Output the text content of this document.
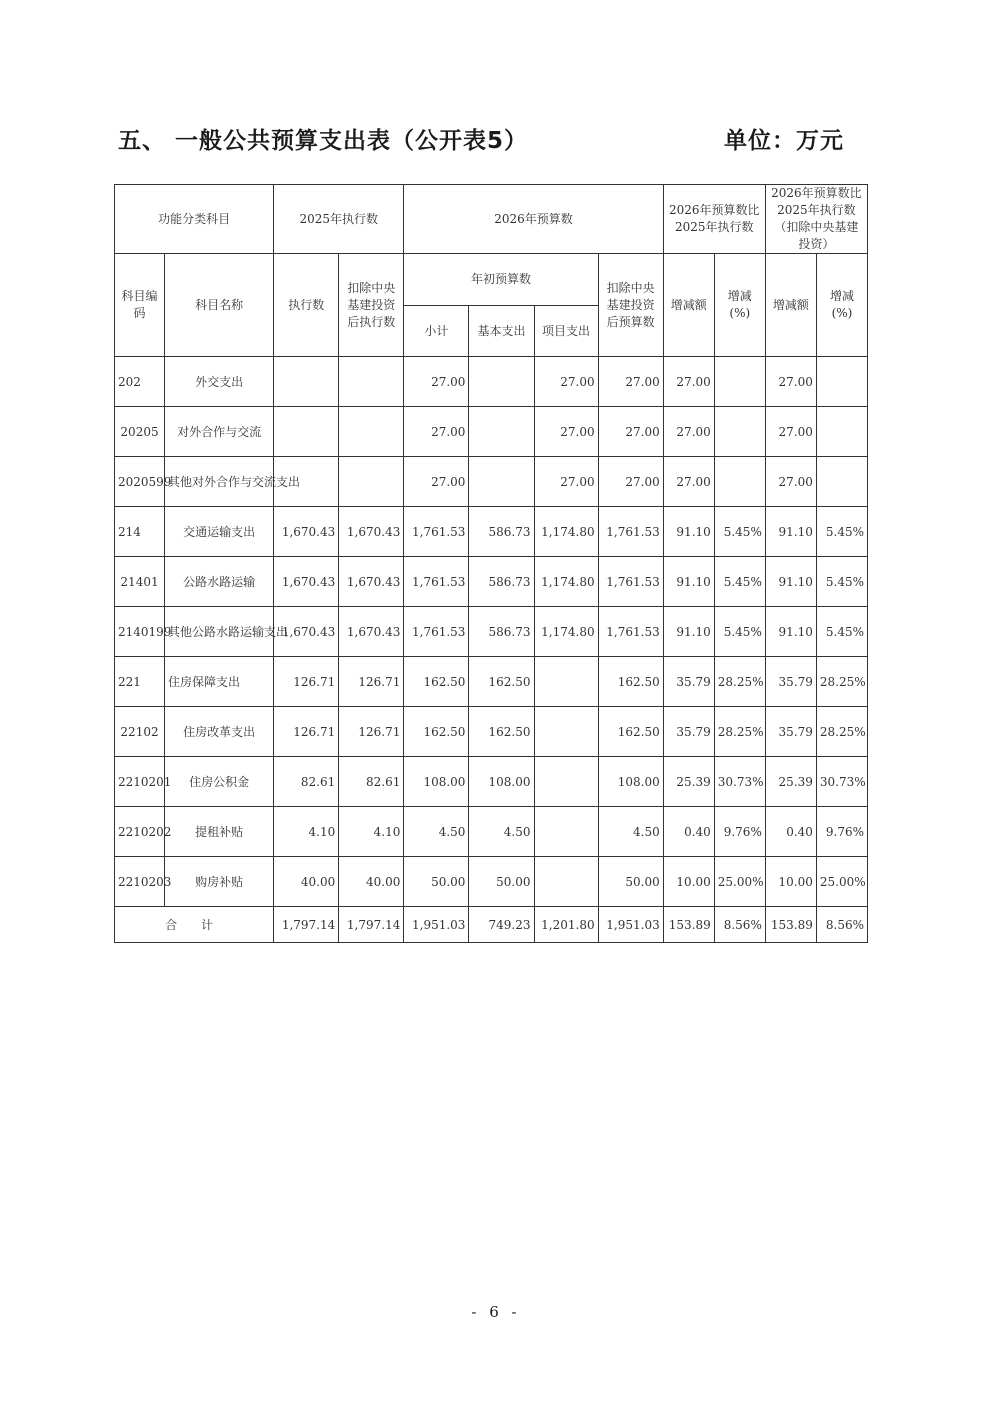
五、 一般公共预算支出表（公开表5）	单位：万元
功能分类科目		2025年执行数		2026年预算数				2026年预算数比2025年执行数		2026年预算数比2025年执行数（扣除中央基建投资）	
科目编码	科目名称	执行数	扣除中央基建投资后执行数	年初预算数			扣除中央基建投资后预算数	增减额	增减(%)	增减额	增减(%)
				小计	基本支出	项目支出					
202	外交支出			27.00		27.00	27.00	27.00		27.00	
20205	对外合作与交流			27.00		27.00	27.00	27.00		27.00	
2020599	其他对外合作与交流支出			27.00		27.00	27.00	27.00		27.00	
214	交通运输支出	1,670.43	1,670.43	1,761.53	586.73	1,174.80	1,761.53	91.10	5.45%	91.10	5.45%
21401	公路水路运输	1,670.43	1,670.43	1,761.53	586.73	1,174.80	1,761.53	91.10	5.45%	91.10	5.45%
2140199	其他公路水路运输支出	1,670.43	1,670.43	1,761.53	586.73	1,174.80	1,761.53	91.10	5.45%	91.10	5.45%
221	住房保障支出	126.71	126.71	162.50	162.50		162.50	35.79	28.25%	35.79	28.25%
22102	住房改革支出	126.71	126.71	162.50	162.50		162.50	35.79	28.25%	35.79	28.25%
2210201	住房公积金	82.61	82.61	108.00	108.00		108.00	25.39	30.73%	25.39	30.73%
2210202	提租补贴	4.10	4.10	4.50	4.50		4.50	0.40	9.76%	0.40	9.76%
2210203	购房补贴	40.00	40.00	50.00	50.00		50.00	10.00	25.00%	10.00	25.00%
合 计		1,797.14	1,797.14	1,951.03	749.23	1,201.80	1,951.03	153.89	8.56%	153.89	8.56%
- 6 -
